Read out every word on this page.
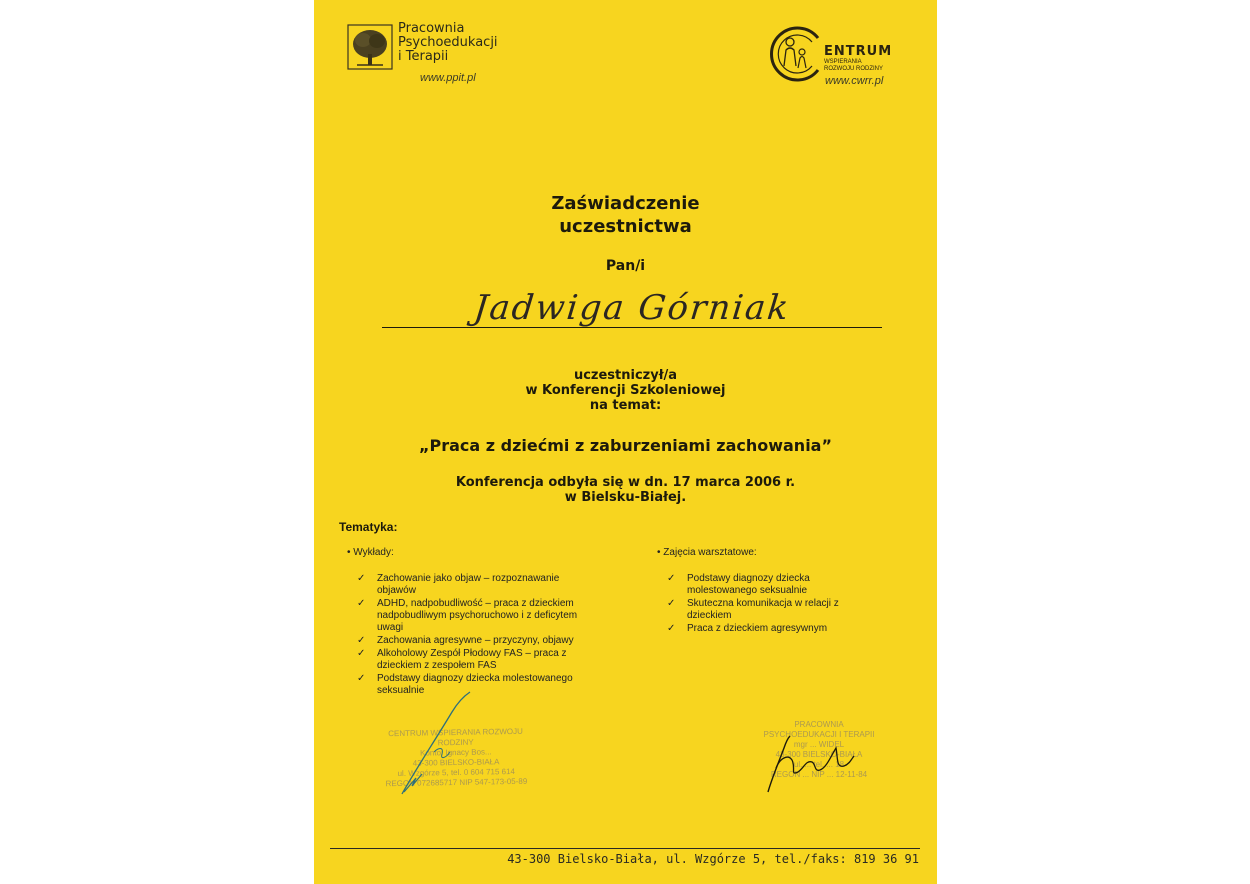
Pracownia
Psychoedukacji
i Terapii
www.ppit.pl
ENTRUM
WSPIERANIA
ROZWOJU RODZINY
www.cwrr.pl
Zaświadczenie
uczestnictwa
Pan/i
Jadwiga Górniak
uczestniczył/a
w Konferencji Szkoleniowej
na temat:
„Praca z dziećmi z zaburzeniami zachowania”
Konferencja odbyła się w dn. 17 marca 2006 r.
w Bielsku-Białej.
Tematyka:
• Wykłady:
✓ Zachowanie jako objaw – rozpoznawanie
objawów
✓ ADHD, nadpobudliwość – praca z dzieckiem
nadpobudliwym psychoruchowo i z deficytem
uwagi
✓ Zachowania agresywne – przyczyny, objawy
✓ Alkoholowy Zespół Płodowy FAS – praca z
dzieckiem z zespołem FAS
✓ Podstawy diagnozy dziecka molestowanego
seksualnie
• Zajęcia warsztatowe:
✓ Podstawy diagnozy dziecka
molestowanego seksualnie
✓ Skuteczna komunikacja w relacji z
dzieckiem
✓ Praca z dzieckiem agresywnym
CENTRUM WSPIERANIA ROZWOJU RODZINY
Konto: Ignacy Bos...
43-300 BIELSKO-BIAŁA
ul. Wzgórze 5, tel. 0 604 715 614
REGON 072685717 NIP 547-173-05-89
PRACOWNIA
PSYCHOEDUKACJI I TERAPII
mgr ... WIDEL
43-300 BIELSKO-BIAŁA
ul. ... tel. ... 18
REGON ... NIP ... 12-11-84
43-300 Bielsko-Biała, ul. Wzgórze 5, tel./faks: 819 36 91
